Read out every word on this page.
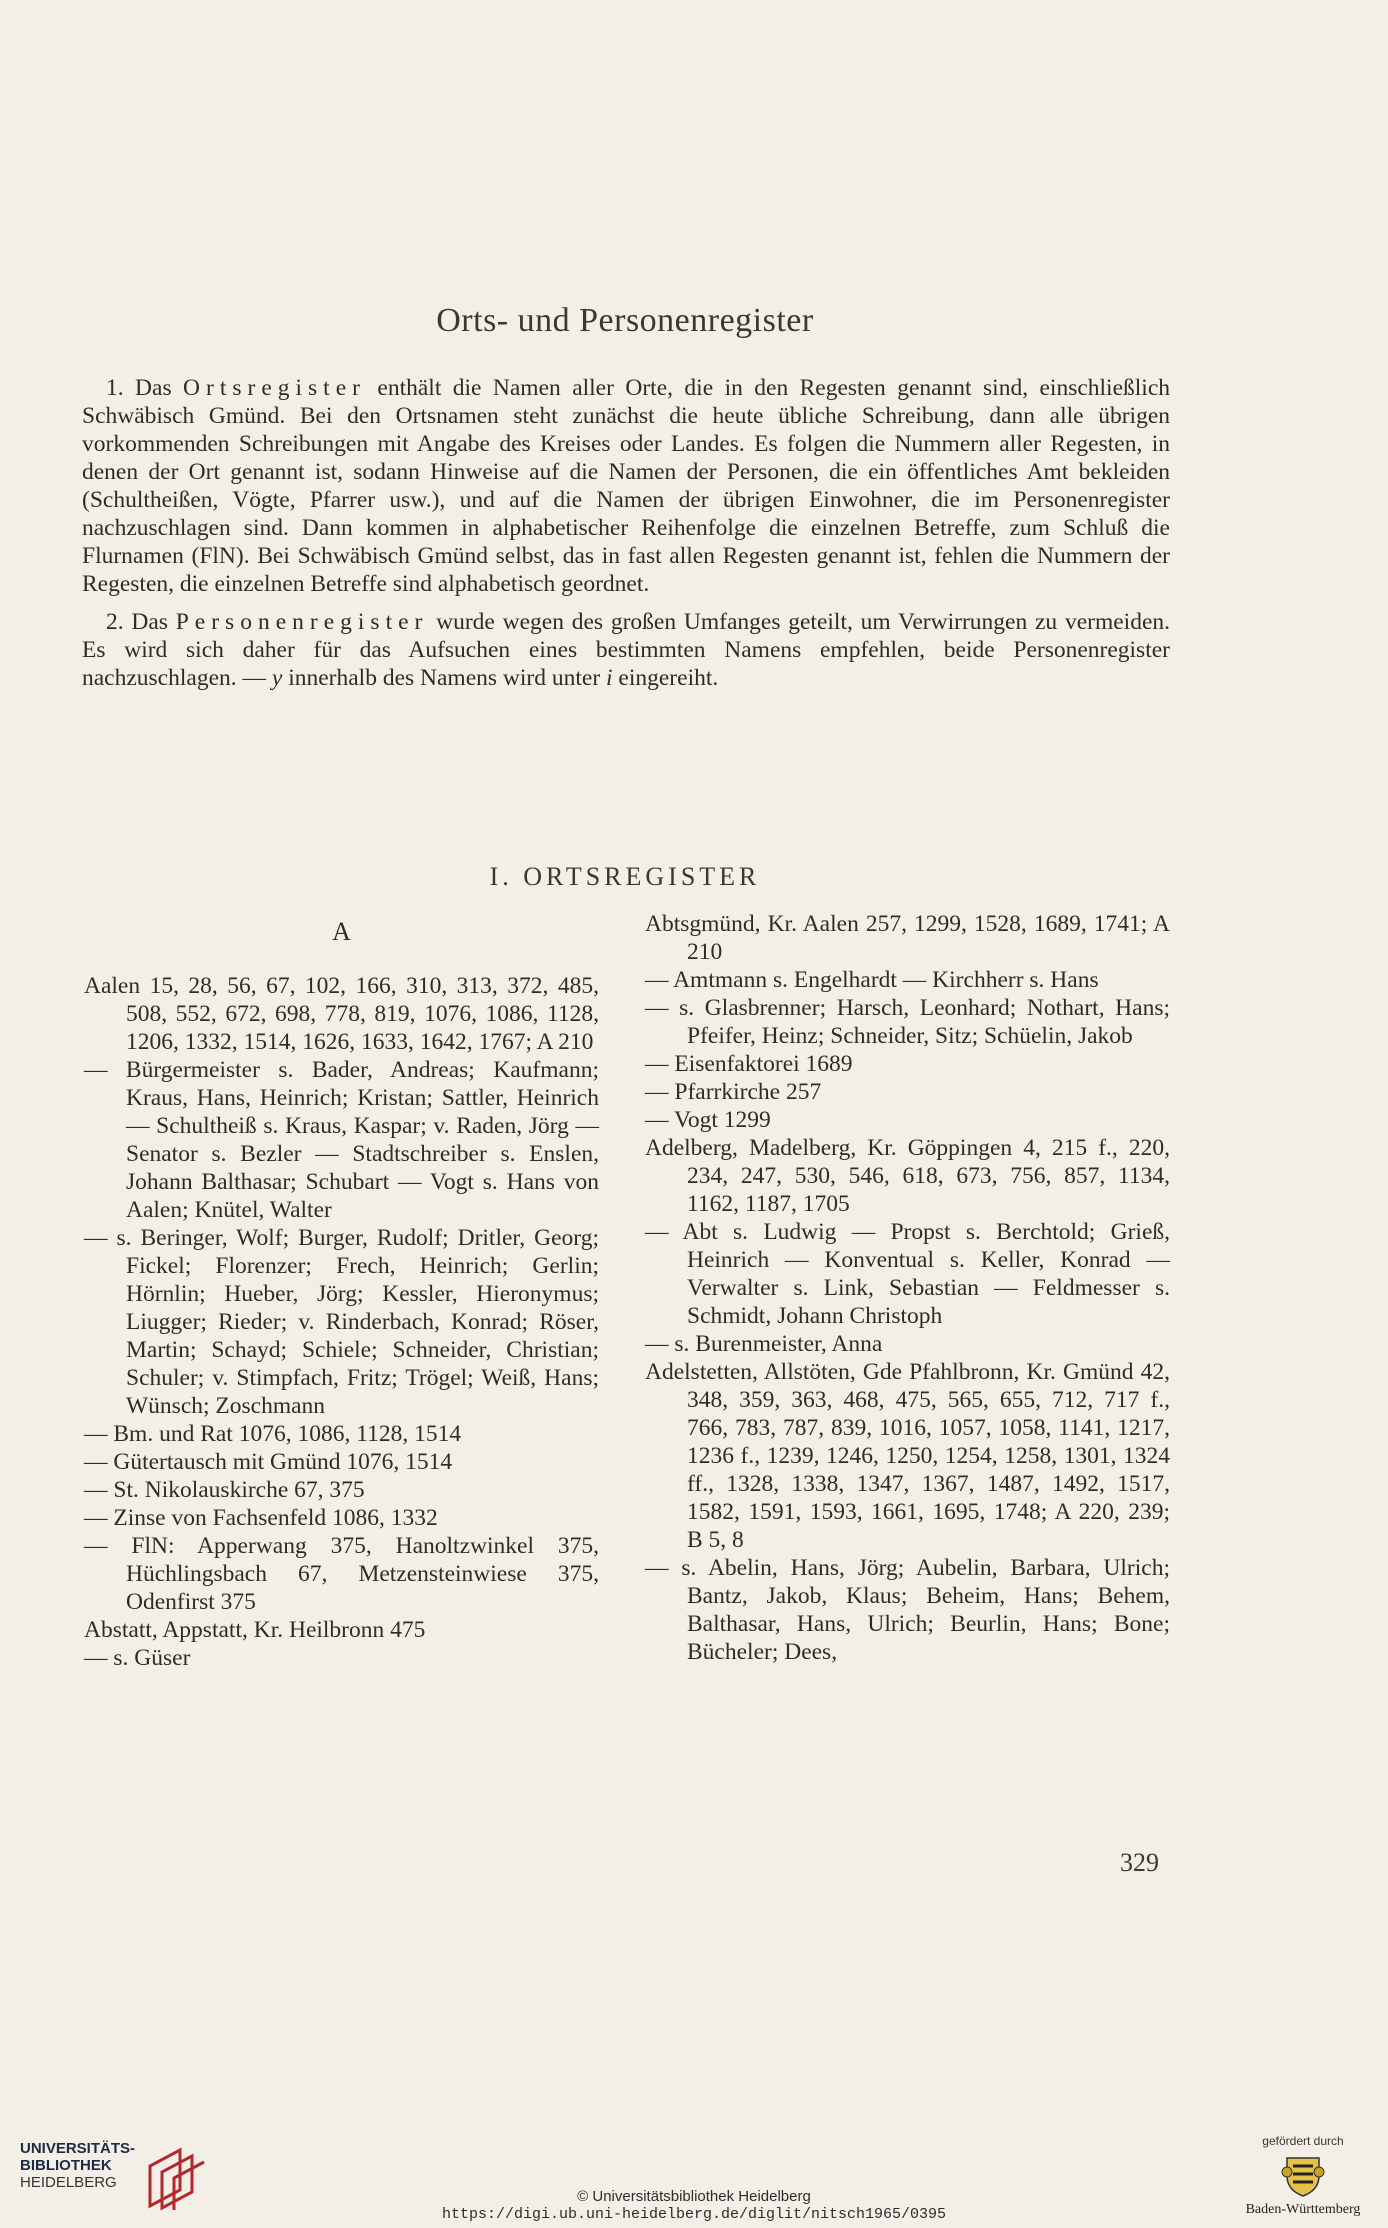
Orts- und Personenregister

1. Das Ortsregister enthält die Namen aller Orte, die in den Regesten genannt sind, einschließlich Schwäbisch Gmünd. Bei den Ortsnamen steht zunächst die heute übliche Schreibung, dann alle übrigen vorkommenden Schreibungen mit Angabe des Kreises oder Landes. Es folgen die Nummern aller Regesten, in denen der Ort genannt ist, sodann Hinweise auf die Namen der Personen, die ein öffentliches Amt bekleiden (Schultheißen, Vögte, Pfarrer usw.), und auf die Namen der übrigen Einwohner, die im Personenregister nachzuschlagen sind. Dann kommen in alphabetischer Reihenfolge die einzelnen Betreffe, zum Schluß die Flurnamen (FlN). Bei Schwäbisch Gmünd selbst, das in fast allen Regesten genannt ist, fehlen die Nummern der Regesten, die einzelnen Betreffe sind alphabetisch geordnet.

2. Das Personenregister wurde wegen des großen Umfanges geteilt, um Verwirrungen zu vermeiden. Es wird sich daher für das Aufsuchen eines bestimmten Namens empfehlen, beide Personenregister nachzuschlagen. — y innerhalb des Namens wird unter i eingereiht.

I. ORTSREGISTER
A
Aalen 15, 28, 56, 67, 102, 166, 310, 313, 372, 485, 508, 552, 672, 698, 778, 819, 1076, 1086, 1128, 1206, 1332, 1514, 1626, 1633, 1642, 1767; A 210
— Bürgermeister s. Bader, Andreas; Kaufmann; Kraus, Hans, Heinrich; Kristan; Sattler, Heinrich — Schultheiß s. Kraus, Kaspar; v. Raden, Jörg — Senator s. Bezler — Stadtschreiber s. Enslen, Johann Balthasar; Schubart — Vogt s. Hans von Aalen; Knütel, Walter
— s. Beringer, Wolf; Burger, Rudolf; Dritler, Georg; Fickel; Florenzer; Frech, Heinrich; Gerlin; Hörnlin; Hueber, Jörg; Kessler, Hieronymus; Liugger; Rieder; v. Rinderbach, Konrad; Röser, Martin; Schayd; Schiele; Schneider, Christian; Schuler; v. Stimpfach, Fritz; Trögel; Weiß, Hans; Wünsch; Zoschmann
— Bm. und Rat 1076, 1086, 1128, 1514
— Gütertausch mit Gmünd 1076, 1514
— St. Nikolauskirche 67, 375
— Zinse von Fachsenfeld 1086, 1332
— FlN: Apperwang 375, Hanoltzwinkel 375, Hüchlingsbach 67, Metzensteinwiese 375, Odenfirst 375
Abstatt, Appstatt, Kr. Heilbronn 475
— s. Güser
Abtsgmünd, Kr. Aalen 257, 1299, 1528, 1689, 1741; A 210
— Amtmann s. Engelhardt — Kirchherr s. Hans
— s. Glasbrenner; Harsch, Leonhard; Nothart, Hans; Pfeifer, Heinz; Schneider, Sitz; Schüelin, Jakob
— Eisenfaktorei 1689
— Pfarrkirche 257
— Vogt 1299
Adelberg, Madelberg, Kr. Göppingen 4, 215 f., 220, 234, 247, 530, 546, 618, 673, 756, 857, 1134, 1162, 1187, 1705
— Abt s. Ludwig — Propst s. Berchtold; Grieß, Heinrich — Konventual s. Keller, Konrad — Verwalter s. Link, Sebastian — Feldmesser s. Schmidt, Johann Christoph
— s. Burenmeister, Anna
Adelstetten, Allstöten, Gde Pfahlbronn, Kr. Gmünd 42, 348, 359, 363, 468, 475, 565, 655, 712, 717 f., 766, 783, 787, 839, 1016, 1057, 1058, 1141, 1217, 1236 f., 1239, 1246, 1250, 1254, 1258, 1301, 1324 ff., 1328, 1338, 1347, 1367, 1487, 1492, 1517, 1582, 1591, 1593, 1661, 1695, 1748; A 220, 239; B 5, 8
— s. Abelin, Hans, Jörg; Aubelin, Barbara, Ulrich; Bantz, Jakob, Klaus; Beheim, Hans; Behem, Balthasar, Hans, Ulrich; Beurlin, Hans; Bone; Bücheler; Dees,
329
UNIVERSITÄTS-
BIBLIOTHEK
HEIDELBERG
© Universitätsbibliothek Heidelberg
https://digi.ub.uni-heidelberg.de/diglit/nitsch1965/0395
gefördert durch
Baden-Württemberg
